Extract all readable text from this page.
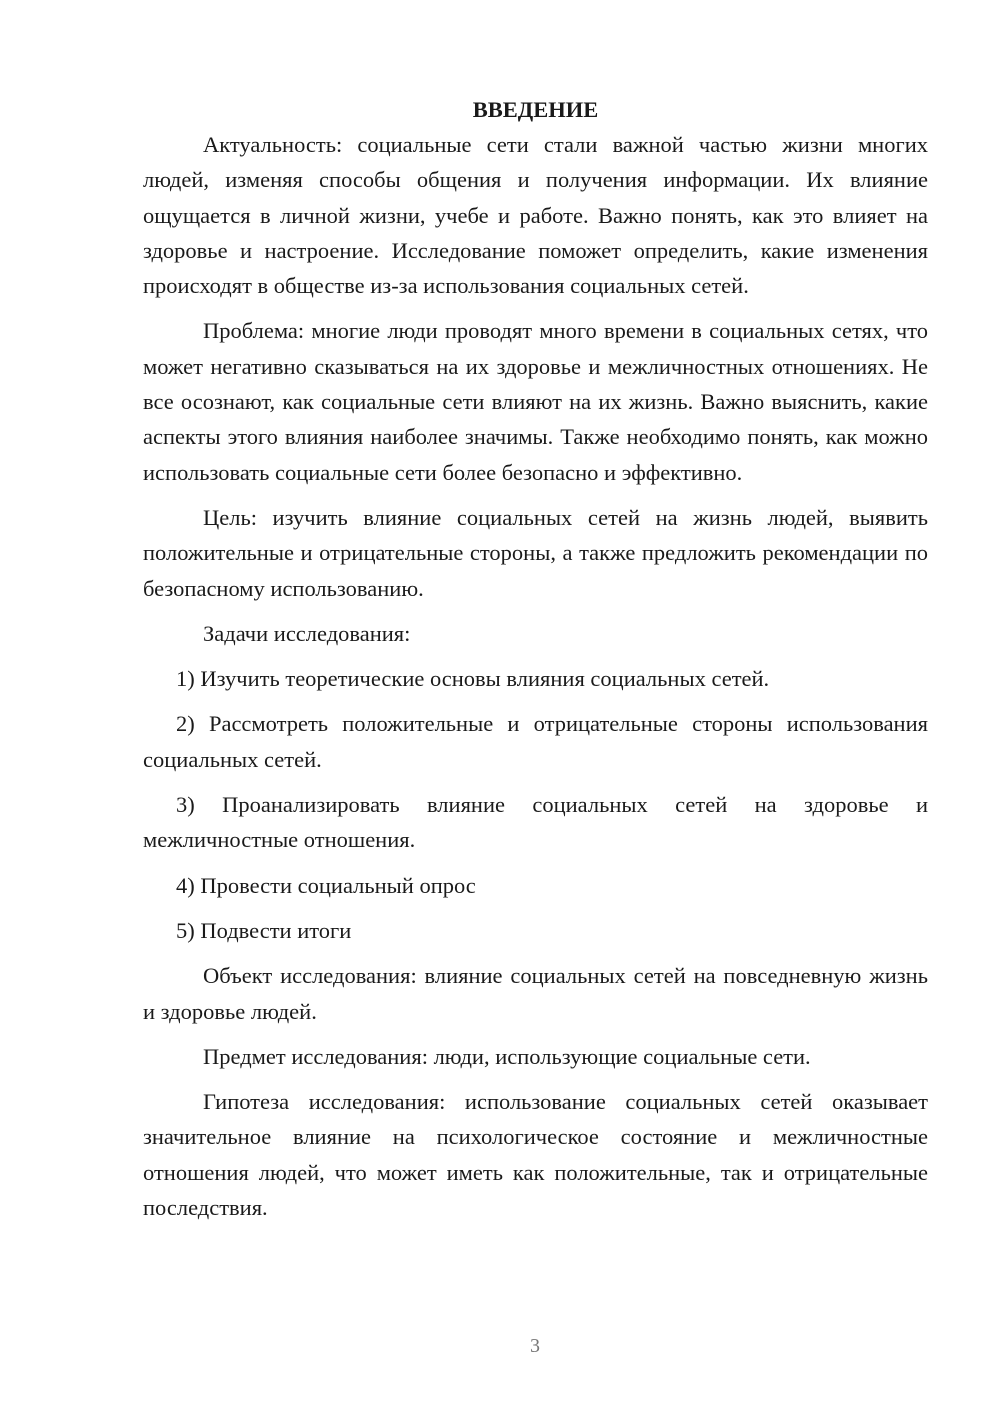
ВВЕДЕНИЕ

Актуальность: социальные сети стали важной частью жизни многих людей, изменяя способы общения и получения информации. Их влияние ощущается в личной жизни, учебе и работе. Важно понять, как это влияет на здоровье и настроение. Исследование поможет определить, какие изменения происходят в обществе из-за использования социальных сетей.

Проблема: многие люди проводят много времени в социальных сетях, что может негативно сказываться на их здоровье и межличностных отношениях. Не все осознают, как социальные сети влияют на их жизнь. Важно выяснить, какие аспекты этого влияния наиболее значимы. Также необходимо понять, как можно использовать социальные сети более безопасно и эффективно.

Цель: изучить влияние социальных сетей на жизнь людей, выявить положительные и отрицательные стороны, а также предложить рекомендации по безопасному использованию.

Задачи исследования:

1) Изучить теоретические основы влияния социальных сетей.

2) Рассмотреть положительные и отрицательные стороны использования социальных сетей.

3) Проанализировать влияние социальных сетей на здоровье и межличностные отношения.

4) Провести социальный опрос

5) Подвести итоги

Объект исследования: влияние социальных сетей на повседневную жизнь и здоровье людей.

Предмет исследования: люди, использующие социальные сети.

Гипотеза исследования: использование социальных сетей оказывает значительное влияние на психологическое состояние и межличностные отношения людей, что может иметь как положительные, так и отрицательные последствия.

3
